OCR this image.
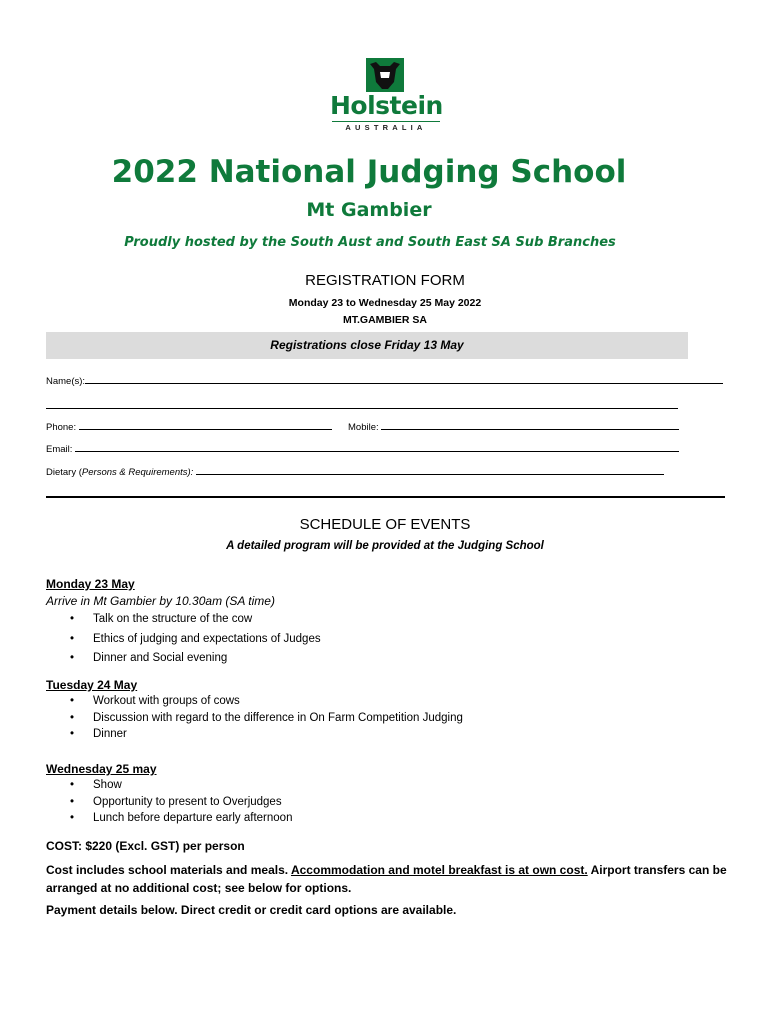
Holstein
AUSTRALIA
2022 National Judging School
Mt Gambier
Proudly hosted by the South Aust and South East SA Sub Branches
REGISTRATION FORM
Monday 23 to Wednesday 25 May 2022
MT.GAMBIER SA
Registrations close Friday 13 May
Name(s):
Phone:	Mobile:
Email:
Dietary (Persons & Requirements):
SCHEDULE OF EVENTS
A detailed program will be provided at the Judging School
Monday 23 May
Arrive in Mt Gambier by 10.30am (SA time)
• Talk on the structure of the cow
• Ethics of judging and expectations of Judges
• Dinner and Social evening
Tuesday 24 May
• Workout with groups of cows
• Discussion with regard to the difference in On Farm Competition Judging
• Dinner
Wednesday 25 may
• Show
• Opportunity to present to Overjudges
• Lunch before departure early afternoon
COST: $220 (Excl. GST) per person
Cost includes school materials and meals. Accommodation and motel breakfast is at own cost. Airport transfers can be arranged at no additional cost; see below for options.
Payment details below. Direct credit or credit card options are available.
